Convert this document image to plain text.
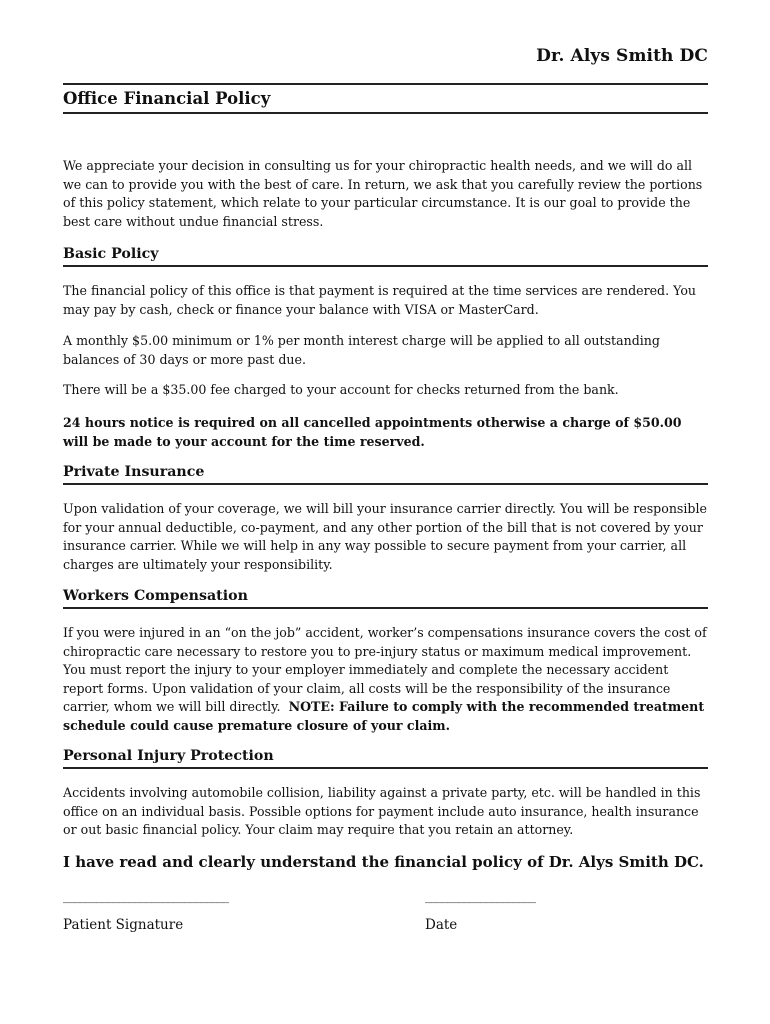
Dr. Alys Smith DC
Office Financial Policy

We appreciate your decision in consulting us for your chiropractic health needs, and we will do all we can to provide you with the best of care. In return, we ask that you carefully review the portions of this policy statement, which relate to your particular circumstance. It is our goal to provide the best care without undue financial stress.

Basic Policy

The financial policy of this office is that payment is required at the time services are rendered. You may pay by cash, check or finance your balance with VISA or MasterCard.

A monthly $5.00 minimum or 1% per month interest charge will be applied to all outstanding balances of 30 days or more past due.

There will be a $35.00 fee charged to your account for checks returned from the bank.

24 hours notice is required on all cancelled appointments otherwise a charge of $50.00 will be made to your account for the time reserved.

Private Insurance

Upon validation of your coverage, we will bill your insurance carrier directly. You will be responsible for your annual deductible, co-payment, and any other portion of the bill that is not covered by your insurance carrier. While we will help in any way possible to secure payment from your carrier, all charges are ultimately your responsibility.

Workers Compensation

If you were injured in an “on the job” accident, worker’s compensations insurance covers the cost of chiropractic care necessary to restore you to pre-injury status or maximum medical improvement. You must report the injury to your employer immediately and complete the necessary accident report forms. Upon validation of your claim, all costs will be the responsibility of the insurance carrier, whom we will bill directly. NOTE: Failure to comply with the recommended treatment schedule could cause premature closure of your claim.

Personal Injury Protection

Accidents involving automobile collision, liability against a private party, etc. will be handled in this office on an individual basis. Possible options for payment include auto insurance, health insurance or out basic financial policy. Your claim may require that you retain an attorney.

I have read and clearly understand the financial policy of Dr. Alys Smith DC.
______________________________	____________________
Patient Signature	Date
